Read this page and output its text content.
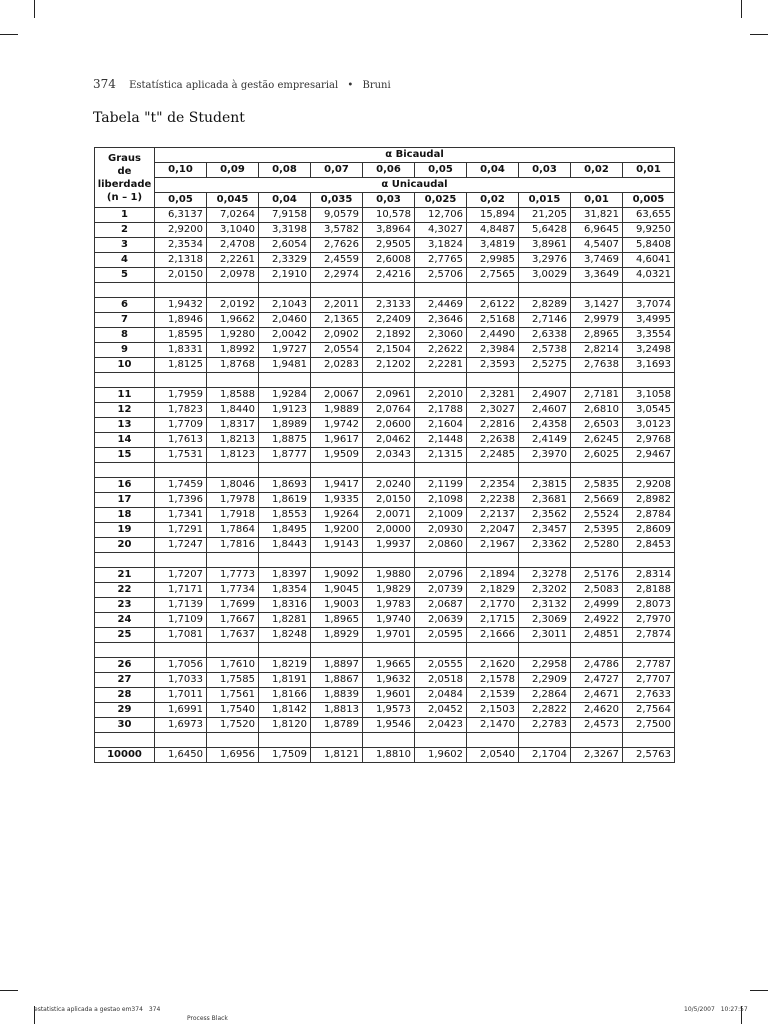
374 Estatística aplicada à gestão empresarial • Bruni
Tabela "t" de Student
Graus
de
liberdade
(n – 1)	α Bicaudal									
	0,10	0,09	0,08	0,07	0,06	0,05	0,04	0,03	0,02	0,01
	α Unicaudal									
	0,05	0,045	0,04	0,035	0,03	0,025	0,02	0,015	0,01	0,005
1	6,3137	7,0264	7,9158	9,0579	10,578	12,706	15,894	21,205	31,821	63,655
2	2,9200	3,1040	3,3198	3,5782	3,8964	4,3027	4,8487	5,6428	6,9645	9,9250
3	2,3534	2,4708	2,6054	2,7626	2,9505	3,1824	3,4819	3,8961	4,5407	5,8408
4	2,1318	2,2261	2,3329	2,4559	2,6008	2,7765	2,9985	3,2976	3,7469	4,6041
5	2,0150	2,0978	2,1910	2,2974	2,4216	2,5706	2,7565	3,0029	3,3649	4,0321

6	1,9432	2,0192	2,1043	2,2011	2,3133	2,4469	2,6122	2,8289	3,1427	3,7074
7	1,8946	1,9662	2,0460	2,1365	2,2409	2,3646	2,5168	2,7146	2,9979	3,4995
8	1,8595	1,9280	2,0042	2,0902	2,1892	2,3060	2,4490	2,6338	2,8965	3,3554
9	1,8331	1,8992	1,9727	2,0554	2,1504	2,2622	2,3984	2,5738	2,8214	3,2498
10	1,8125	1,8768	1,9481	2,0283	2,1202	2,2281	2,3593	2,5275	2,7638	3,1693

11	1,7959	1,8588	1,9284	2,0067	2,0961	2,2010	2,3281	2,4907	2,7181	3,1058
12	1,7823	1,8440	1,9123	1,9889	2,0764	2,1788	2,3027	2,4607	2,6810	3,0545
13	1,7709	1,8317	1,8989	1,9742	2,0600	2,1604	2,2816	2,4358	2,6503	3,0123
14	1,7613	1,8213	1,8875	1,9617	2,0462	2,1448	2,2638	2,4149	2,6245	2,9768
15	1,7531	1,8123	1,8777	1,9509	2,0343	2,1315	2,2485	2,3970	2,6025	2,9467

16	1,7459	1,8046	1,8693	1,9417	2,0240	2,1199	2,2354	2,3815	2,5835	2,9208
17	1,7396	1,7978	1,8619	1,9335	2,0150	2,1098	2,2238	2,3681	2,5669	2,8982
18	1,7341	1,7918	1,8553	1,9264	2,0071	2,1009	2,2137	2,3562	2,5524	2,8784
19	1,7291	1,7864	1,8495	1,9200	2,0000	2,0930	2,2047	2,3457	2,5395	2,8609
20	1,7247	1,7816	1,8443	1,9143	1,9937	2,0860	2,1967	2,3362	2,5280	2,8453

21	1,7207	1,7773	1,8397	1,9092	1,9880	2,0796	2,1894	2,3278	2,5176	2,8314
22	1,7171	1,7734	1,8354	1,9045	1,9829	2,0739	2,1829	2,3202	2,5083	2,8188
23	1,7139	1,7699	1,8316	1,9003	1,9783	2,0687	2,1770	2,3132	2,4999	2,8073
24	1,7109	1,7667	1,8281	1,8965	1,9740	2,0639	2,1715	2,3069	2,4922	2,7970
25	1,7081	1,7637	1,8248	1,8929	1,9701	2,0595	2,1666	2,3011	2,4851	2,7874

26	1,7056	1,7610	1,8219	1,8897	1,9665	2,0555	2,1620	2,2958	2,4786	2,7787
27	1,7033	1,7585	1,8191	1,8867	1,9632	2,0518	2,1578	2,2909	2,4727	2,7707
28	1,7011	1,7561	1,8166	1,8839	1,9601	2,0484	2,1539	2,2864	2,4671	2,7633
29	1,6991	1,7540	1,8142	1,8813	1,9573	2,0452	2,1503	2,2822	2,4620	2,7564
30	1,6973	1,7520	1,8120	1,8789	1,9546	2,0423	2,1470	2,2783	2,4573	2,7500

10000	1,6450	1,6956	1,7509	1,8121	1,8810	1,9602	2,0540	2,1704	2,3267	2,5763
estatistica aplicada a gestao em374 374
Process Black
10/5/2007 10:27:57
